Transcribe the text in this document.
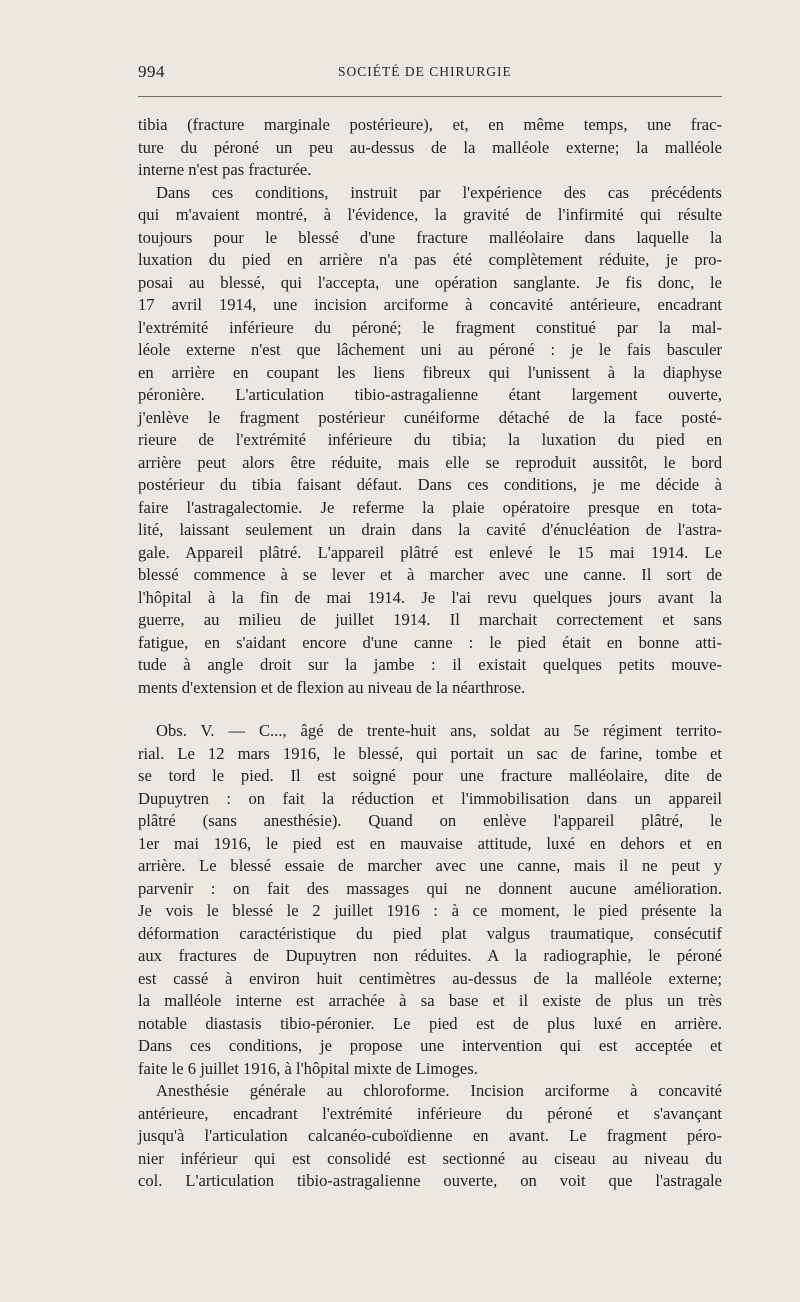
994	SOCIÉTÉ DE CHIRURGIE

tibia (fracture marginale postérieure), et, en même temps, une frac-
ture du péroné un peu au-dessus de la malléole externe; la malléole
interne n'est pas fracturée.

Dans ces conditions, instruit par l'expérience des cas précédents
qui m'avaient montré, à l'évidence, la gravité de l'infirmité qui résulte
toujours pour le blessé d'une fracture malléolaire dans laquelle la
luxation du pied en arrière n'a pas été complètement réduite, je pro-
posai au blessé, qui l'accepta, une opération sanglante. Je fis donc, le
17 avril 1914, une incision arciforme à concavité antérieure, encadrant
l'extrémité inférieure du péroné; le fragment constitué par la mal-
léole externe n'est que lâchement uni au péroné : je le fais basculer
en arrière en coupant les liens fibreux qui l'unissent à la diaphyse
péronière. L'articulation tibio-astragalienne étant largement ouverte,
j'enlève le fragment postérieur cunéiforme détaché de la face posté-
rieure de l'extrémité inférieure du tibia; la luxation du pied en
arrière peut alors être réduite, mais elle se reproduit aussitôt, le bord
postérieur du tibia faisant défaut. Dans ces conditions, je me décide à
faire l'astragalectomie. Je referme la plaie opératoire presque en tota-
lité, laissant seulement un drain dans la cavité d'énucléation de l'astra-
gale. Appareil plâtré. L'appareil plâtré est enlevé le 15 mai 1914. Le
blessé commence à se lever et à marcher avec une canne. Il sort de
l'hôpital à la fin de mai 1914. Je l'ai revu quelques jours avant la
guerre, au milieu de juillet 1914. Il marchait correctement et sans
fatigue, en s'aidant encore d'une canne : le pied était en bonne atti-
tude à angle droit sur la jambe : il existait quelques petits mouve-
ments d'extension et de flexion au niveau de la néarthrose.

Obs. V. — C..., âgé de trente-huit ans, soldat au 5e régiment territo-
rial. Le 12 mars 1916, le blessé, qui portait un sac de farine, tombe et
se tord le pied. Il est soigné pour une fracture malléolaire, dite de
Dupuytren : on fait la réduction et l'immobilisation dans un appareil
plâtré (sans anesthésie). Quand on enlève l'appareil plâtré, le
1er mai 1916, le pied est en mauvaise attitude, luxé en dehors et en
arrière. Le blessé essaie de marcher avec une canne, mais il ne peut y
parvenir : on fait des massages qui ne donnent aucune amélioration.
Je vois le blessé le 2 juillet 1916 : à ce moment, le pied présente la
déformation caractéristique du pied plat valgus traumatique, consécutif
aux fractures de Dupuytren non réduites. A la radiographie, le péroné
est cassé à environ huit centimètres au-dessus de la malléole externe;
la malléole interne est arrachée à sa base et il existe de plus un très
notable diastasis tibio-péronier. Le pied est de plus luxé en arrière.
Dans ces conditions, je propose une intervention qui est acceptée et
faite le 6 juillet 1916, à l'hôpital mixte de Limoges.

Anesthésie générale au chloroforme. Incision arciforme à concavité
antérieure, encadrant l'extrémité inférieure du péroné et s'avançant
jusqu'à l'articulation calcanéo-cuboïdienne en avant. Le fragment péro-
nier inférieur qui est consolidé est sectionné au ciseau au niveau du
col. L'articulation tibio-astragalienne ouverte, on voit que l'astragale
